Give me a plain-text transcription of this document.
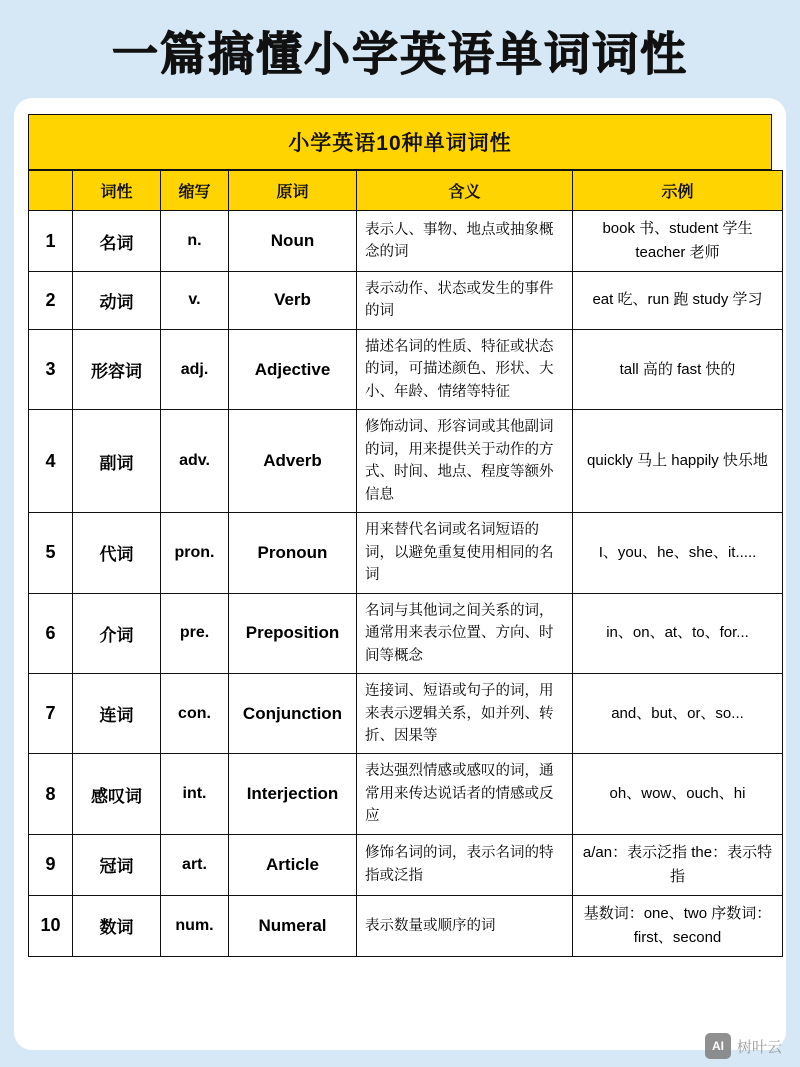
一篇搞懂小学英语单词词性
小学英语10种单词词性
	词性	缩写	原词	含义	示例
1	名词	n.	Noun	表示人、事物、地点或抽象概念的词	book 书、student 学生 teacher 老师
2	动词	v.	Verb	表示动作、状态或发生的事件的词	eat 吃、run 跑 study 学习
3	形容词	adj.	Adjective	描述名词的性质、特征或状态的词，可描述颜色、形状、大小、年龄、情绪等特征	tall 高的 fast 快的
4	副词	adv.	Adverb	修饰动词、形容词或其他副词的词，用来提供关于动作的方式、时间、地点、程度等额外信息	quickly 马上 happily 快乐地
5	代词	pron.	Pronoun	用来替代名词或名词短语的词，以避免重复使用相同的名词	I、you、he、she、it.....
6	介词	pre.	Preposition	名词与其他词之间关系的词，通常用来表示位置、方向、时间等概念	in、on、at、to、for...
7	连词	con.	Conjunction	连接词、短语或句子的词，用来表示逻辑关系，如并列、转折、因果等	and、but、or、so...
8	感叹词	int.	Interjection	表达强烈情感或感叹的词，通常用来传达说话者的情感或反应	oh、wow、ouch、hi
9	冠词	art.	Article	修饰名词的词，表示名词的特指或泛指	a/an：表示泛指 the：表示特指
10	数词	num.	Numeral	表示数量或顺序的词	基数词：one、two 序数词：first、second
AI 树叶云
